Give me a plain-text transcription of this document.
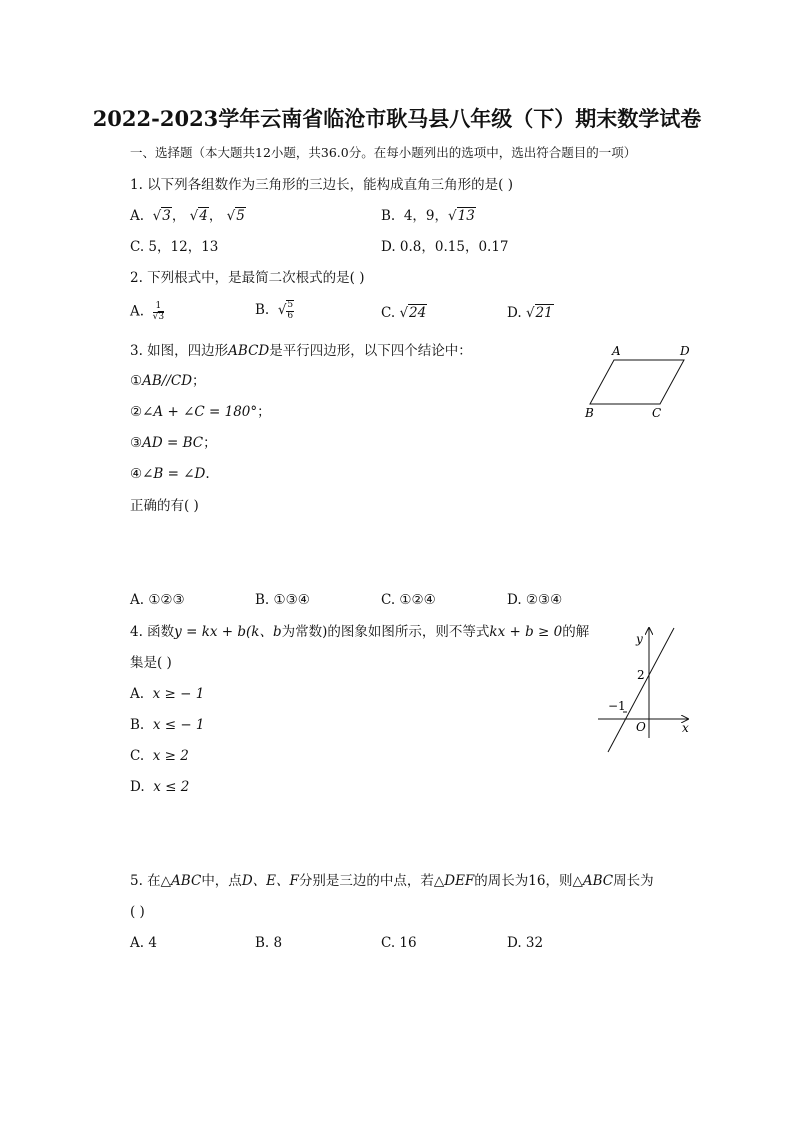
2022-2023学年云南省临沧市耿马县八年级（下）期末数学试卷
一、选择题（本大题共12小题，共36.0分。在每小题列出的选项中，选出符合题目的一项）
1. 以下列各组数作为三角形的三边长，能构成直角三角形的是( )
A. √3， √4， √5	B. 4，9，√13
C. 5，12，13	D. 0.8，0.15，0.17
2. 下列根式中，是最简二次根式的是( )
A. $\frac{1}{√3}$	B. √ $\frac{5}{6}$	C. √24	D. √21
3. 如图，四边形ABCD是平行四边形，以下四个结论中：
①AB//CD；
②∠A + ∠C = 180°；
③AD = BC；
④∠B = ∠D.
正确的有( )
A	D
B	C
A. ①②③	B. ①③④	C. ①②④	D. ②③④
4. 函数y = kx + b(k、b为常数)的图象如图所示，则不等式kx + b ≥ 0的解
集是( )
A. x ≥ − 1
B. x ≤ − 1
C. x ≥ 2
D. x ≤ 2
y
x
O
2
−1
5. 在△ABC中，点D、E、F分别是三边的中点，若△DEF的周长为16，则△ABC周长为
( )
A. 4	B. 8	C. 16	D. 32
